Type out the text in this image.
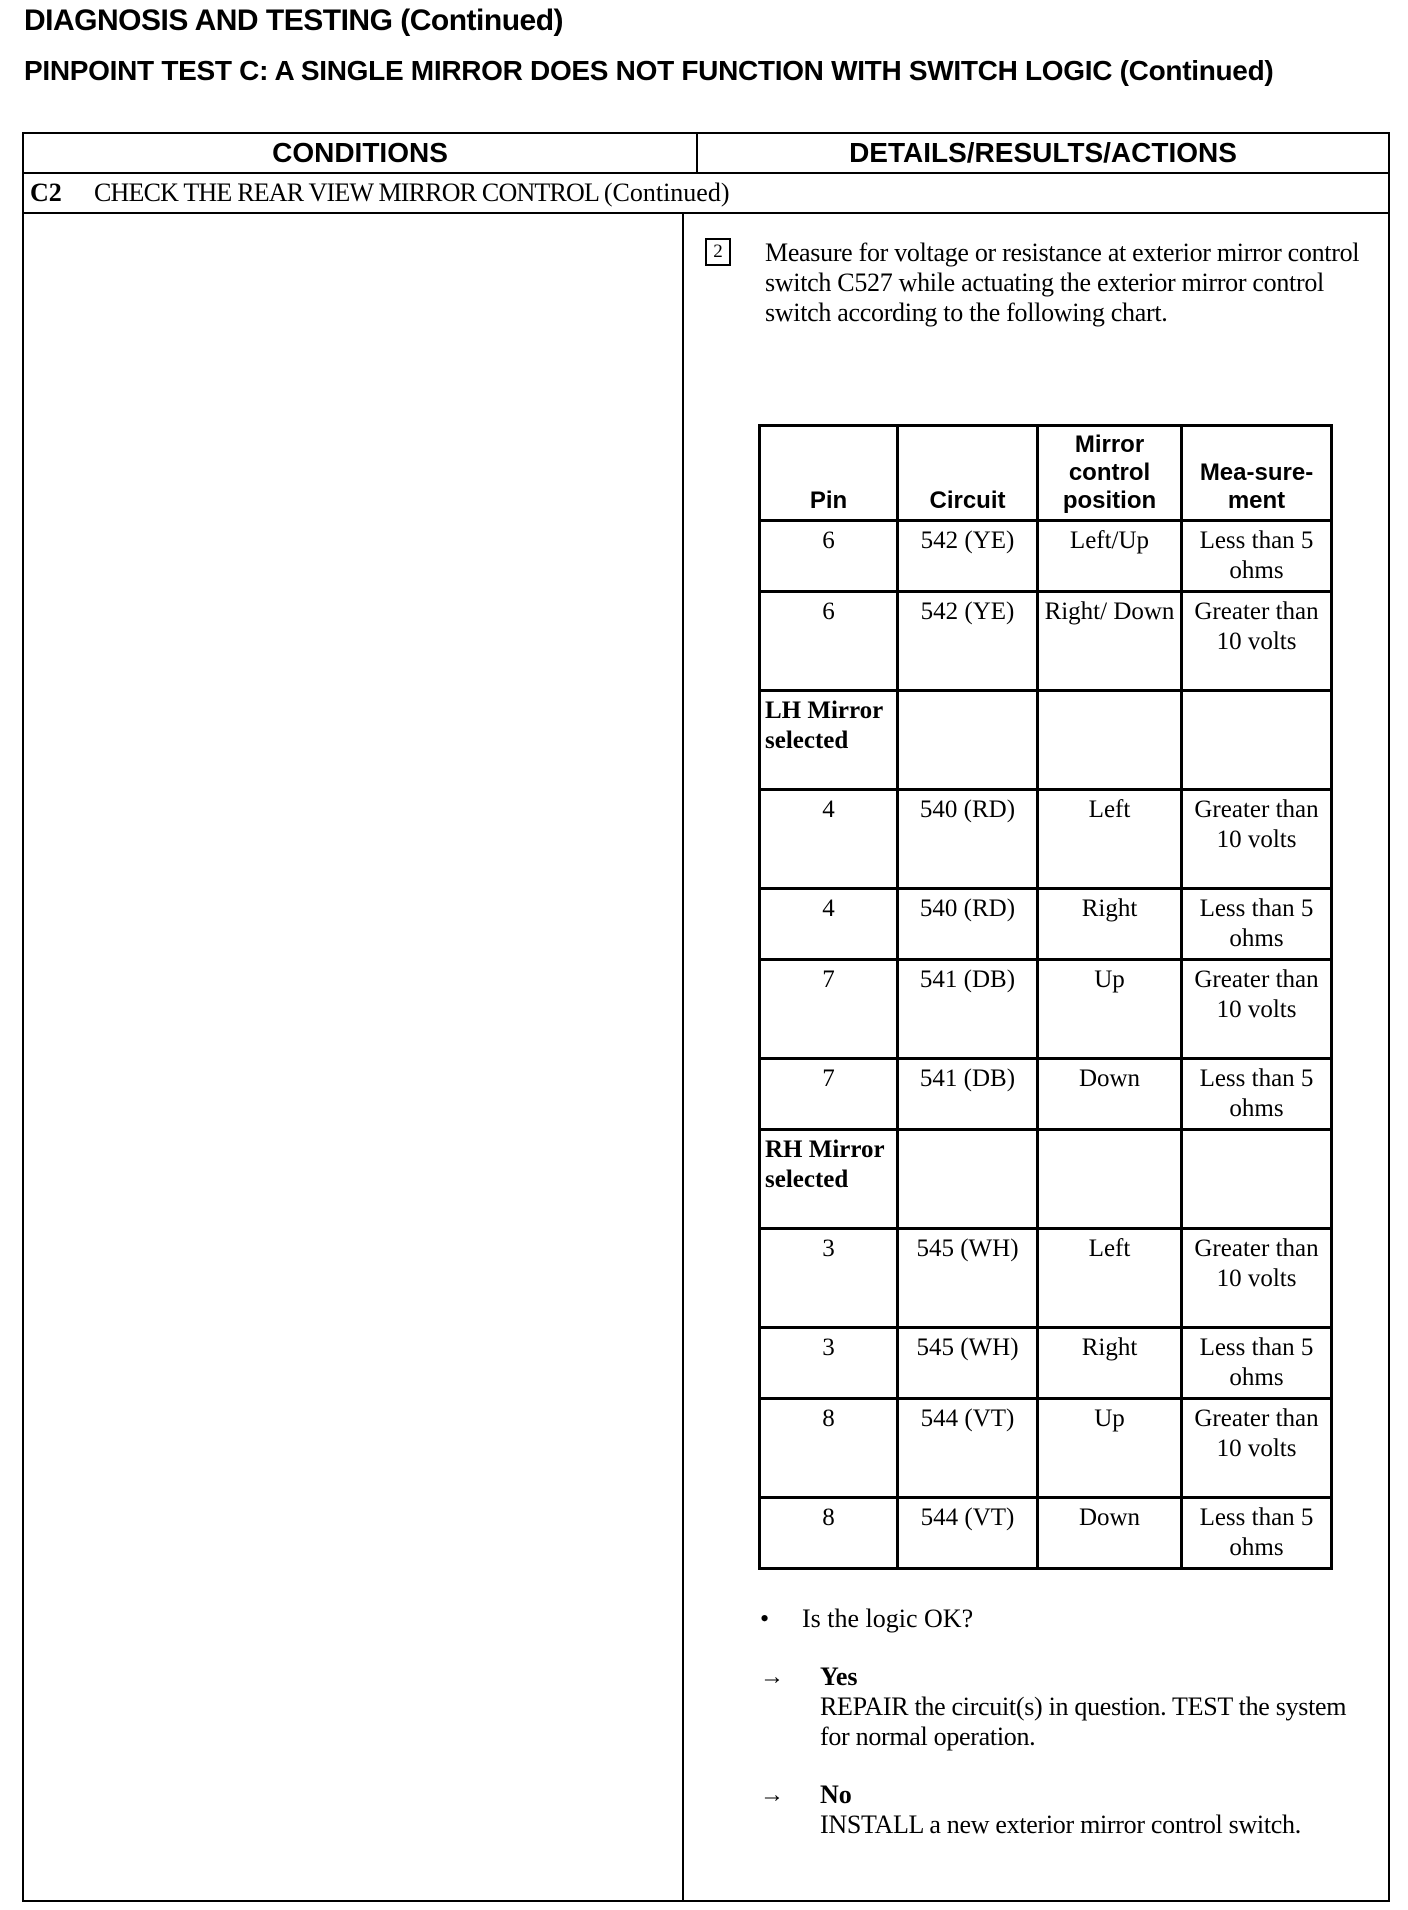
DIAGNOSIS AND TESTING (Continued)
PINPOINT TEST C: A SINGLE MIRROR DOES NOT FUNCTION WITH SWITCH LOGIC (Continued)
CONDITIONS	DETAILS/RESULTS/ACTIONS
C2 CHECK THE REAR VIEW MIRROR CONTROL (Continued)
2	Measure for voltage or resistance at exterior mirror control switch C527 while actuating the exterior mirror control switch according to the following chart.
Pin	Circuit	Mirror control position	Mea-sure-ment
6	542 (YE)	Left/Up	Less than 5 ohms
6	542 (YE)	Right/ Down	Greater than 10 volts
LH Mirror selected			
4	540 (RD)	Left	Greater than 10 volts
4	540 (RD)	Right	Less than 5 ohms
7	541 (DB)	Up	Greater than 10 volts
7	541 (DB)	Down	Less than 5 ohms
RH Mirror selected			
3	545 (WH)	Left	Greater than 10 volts
3	545 (WH)	Right	Less than 5 ohms
8	544 (VT)	Up	Greater than 10 volts
8	544 (VT)	Down	Less than 5 ohms
• Is the logic OK?
→ Yes
REPAIR the circuit(s) in question. TEST the system for normal operation.
→ No
INSTALL a new exterior mirror control switch.
